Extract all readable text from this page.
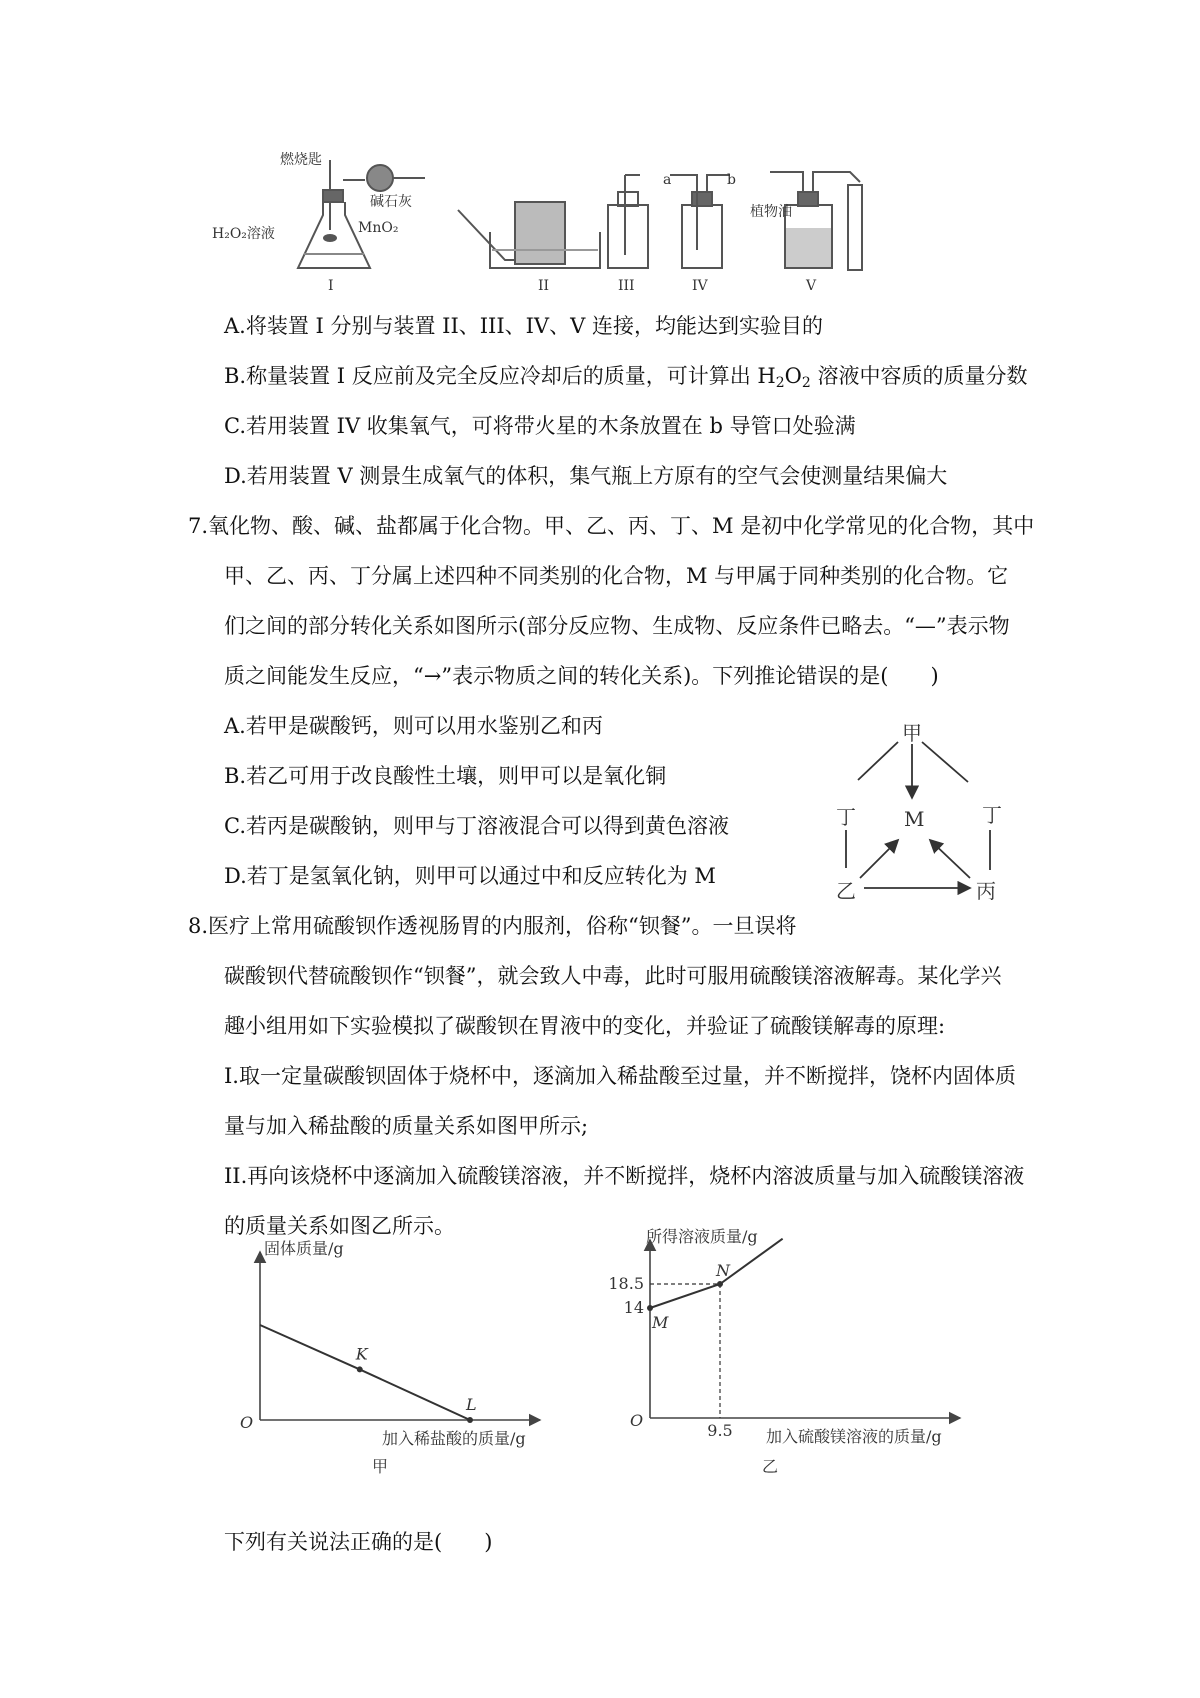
燃烧匙
碱石灰
H₂O₂溶液	MnO₂
a	b
植物油
I	II	III	IV	V
A.将装置 I 分别与装置 II、III、IV、V 连接，均能达到实验目的
B.称量装置 I 反应前及完全反应冷却后的质量，可计算出 $H_2O_2$ 溶液中容质的质量分数
C.若用装置 IV 收集氧气，可将带火星的木条放置在 b 导管口处验满
D.若用装置 V 测景生成氧气的体积，集气瓶上方原有的空气会使测量结果偏大
7.氧化物、酸、碱、盐都属于化合物。甲、乙、丙、丁、M 是初中化学常见的化合物，其中
甲、乙、丙、丁分属上述四种不同类别的化合物，M 与甲属于同种类别的化合物。它
们之间的部分转化关系如图所示(部分反应物、生成物、反应条件已略去。“—”表示物
质之间能发生反应，“→”表示物质之间的转化关系)。下列推论错误的是(　　)
A.若甲是碳酸钙，则可以用水鉴别乙和丙
B.若乙可用于改良酸性土壤，则甲可以是氧化铜
C.若丙是碳酸钠，则甲与丁溶液混合可以得到黄色溶液
D.若丁是氢氧化钠，则甲可以通过中和反应转化为 M
甲
丁	丁
M
乙	丙
8.医疗上常用硫酸钡作透视肠胃的内服剂，俗称“钡餐”。一旦误将
碳酸钡代替硫酸钡作“钡餐”，就会致人中毒，此时可服用硫酸镁溶液解毒。某化学兴
趣小组用如下实验模拟了碳酸钡在胃液中的变化，并验证了硫酸镁解毒的原理:
I.取一定量碳酸钡固体于烧杯中，逐滴加入稀盐酸至过量，并不断搅拌，饶杯内固体质
量与加入稀盐酸的质量关系如图甲所示;
II.再向该烧杯中逐滴加入硫酸镁溶液，并不断搅拌，烧杯内溶波质量与加入硫酸镁溶液
的质量关系如图乙所示。
固体质量/g
加入稀盐酸的质量/g
O
甲
K
L
所得溶液质量/g
加入硫酸镁溶液的质量/g
O
乙
M
N
14
18.5
9.5
下列有关说法正确的是(　　)
